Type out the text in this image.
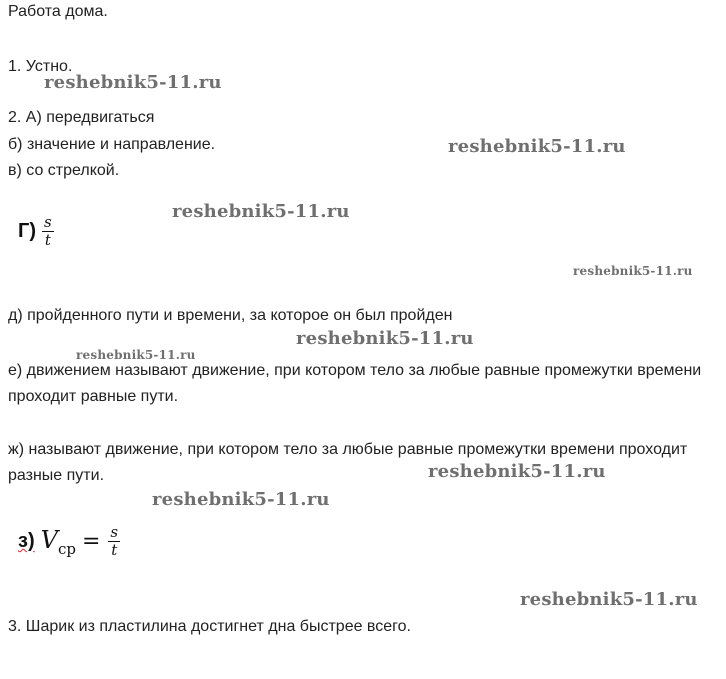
Работа дома.
1. Устно.
reshebnik5-11.ru
2. А) передвигаться
б) значение и направление.	reshebnik5-11.ru
в) со стрелкой.
reshebnik5-11.ru
$Г) \frac{s}{t}$
reshebnik5-11.ru
д) пройденного пути и времени, за которое он был пройден
reshebnik5-11.ru
reshebnik5-11.ru
е) движением называют движение, при котором тело за любые равные промежутки времени проходит равные пути.
ж) называют движение, при котором тело за любые равные промежутки времени проходит разные пути.	reshebnik5-11.ru
reshebnik5-11.ru
з) $V_{ср} = \frac{s}{t}$
reshebnik5-11.ru
3. Шарик из пластилина достигнет дна быстрее всего.
